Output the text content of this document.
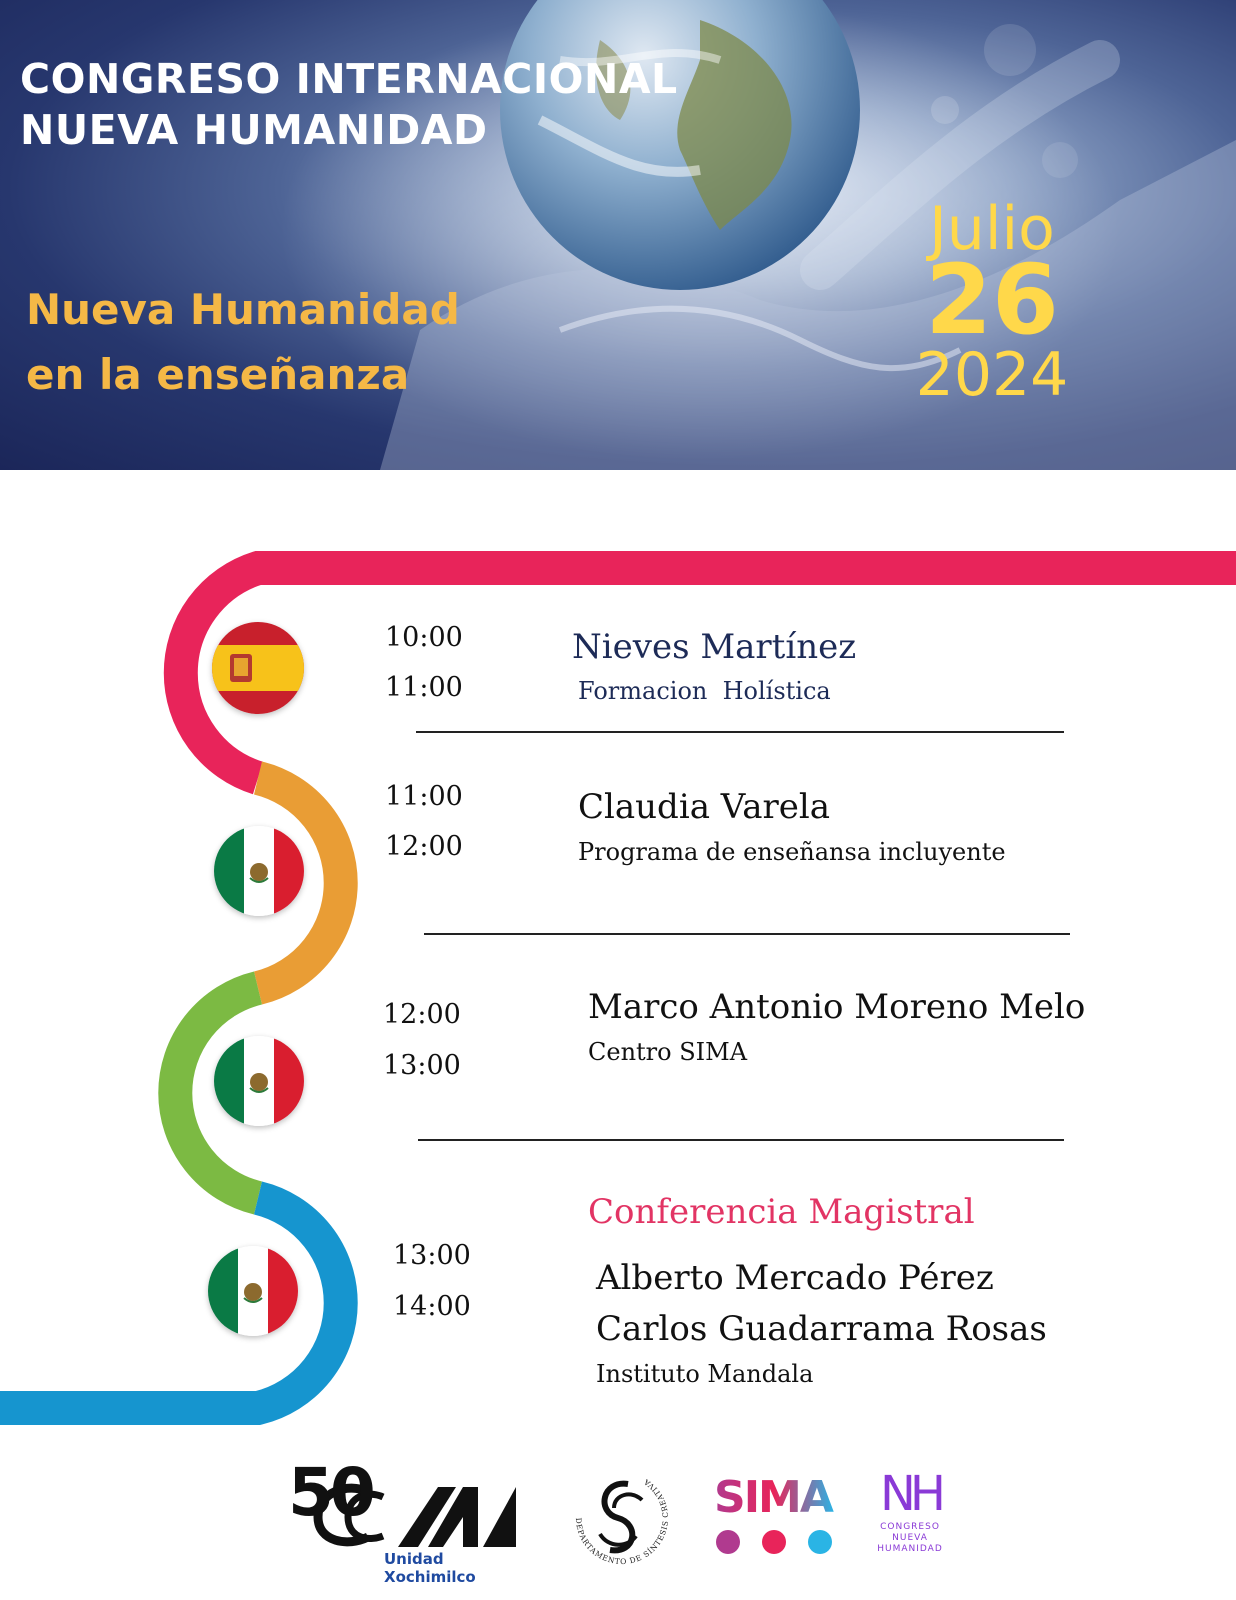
CONGRESO INTERNACIONAL
NUEVA HUMANIDAD

Nueva Humanidad

en la enseñanza

Julio
26
2024
10:00
11:00
Nieves Martínez
Formacion  Holística
11:00
12:00
Claudia Varela
Programa de enseñansa incluyente
12:00
13:00
Marco Antonio Moreno Melo
Centro SIMA
Conferencia Magistral
13:00
14:00
Alberto Mercado Pérez
Carlos Guadarrama Rosas
Instituto Mandala
50
Unidad Xochimilco
DEPARTAMENTO DE SÍNTESIS CREATIVA	SIMA NH
CONGRESO
NUEVA
HUMANIDAD
